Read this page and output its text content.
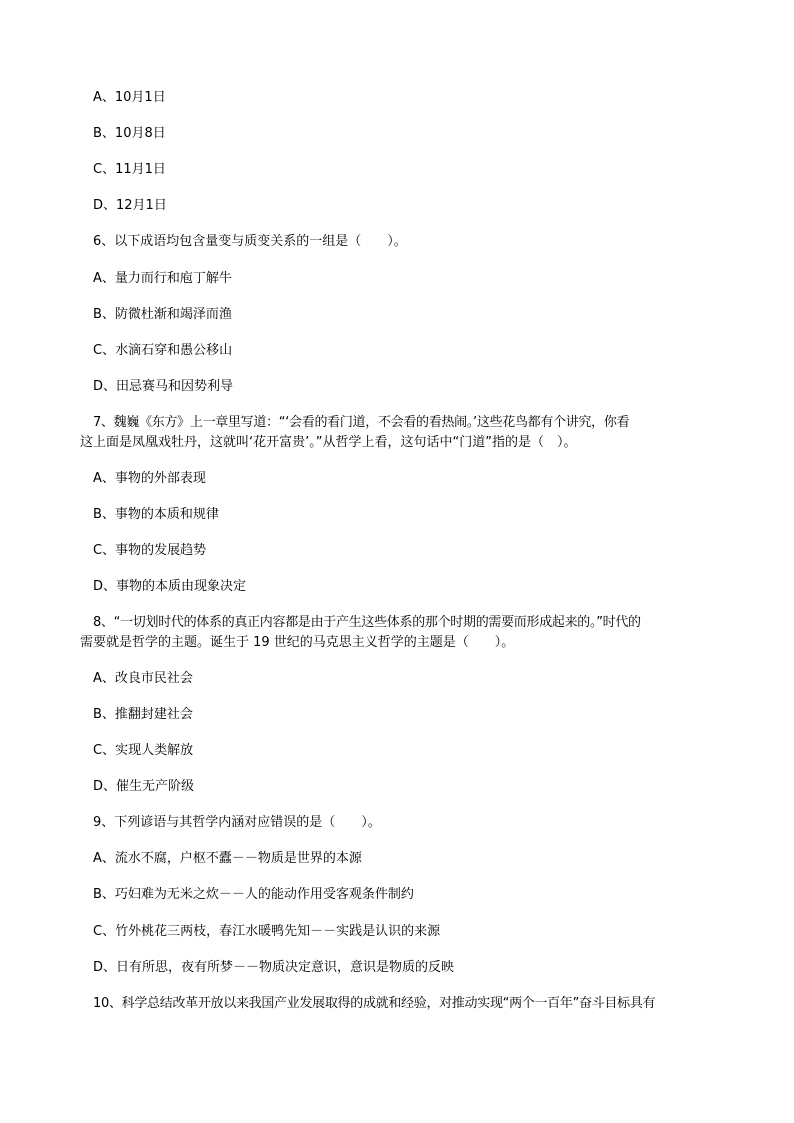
A、10月1日
B、10月8日
C、11月1日
D、12月1日
6、以下成语均包含量变与质变关系的一组是（　　）。
A、量力而行和庖丁解牛
B、防微杜渐和竭泽而渔
C、水滴石穿和愚公移山
D、田忌赛马和因势利导
7、魏巍《东方》上一章里写道：“‘会看的看门道，不会看的看热闹。’这些花鸟都有个讲究，你看
这上面是凤凰戏牡丹，这就叫‘花开富贵’。”从哲学上看，这句话中“门道”指的是（　）。
A、事物的外部表现
B、事物的本质和规律
C、事物的发展趋势
D、事物的本质由现象决定
8、“一切划时代的体系的真正内容都是由于产生这些体系的那个时期的需要而形成起来的。”时代的
需要就是哲学的主题。诞生于 19 世纪的马克思主义哲学的主题是（　　）。
A、改良市民社会
B、推翻封建社会
C、实现人类解放
D、催生无产阶级
9、下列谚语与其哲学内涵对应错误的是（　　）。
A、流水不腐，户枢不蠹－－物质是世界的本源
B、巧妇难为无米之炊－－人的能动作用受客观条件制约
C、竹外桃花三两枝，春江水暖鸭先知－－实践是认识的来源
D、日有所思，夜有所梦－－物质决定意识，意识是物质的反映
10、科学总结改革开放以来我国产业发展取得的成就和经验，对推动实现“两个一百年”奋斗目标具有
